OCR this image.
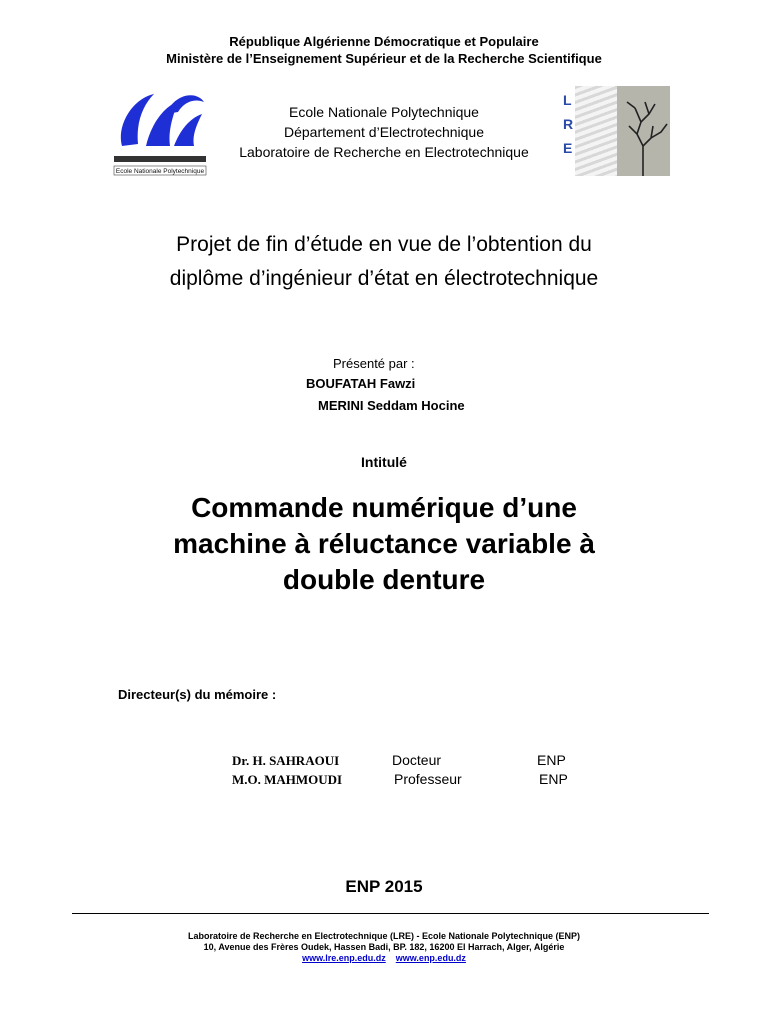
République Algérienne Démocratique et Populaire
Ministère de l’Enseignement Supérieur et de la Recherche Scientifique
Ecole Nationale Polytechnique
Ecole Nationale Polytechnique
Département d’Electrotechnique
Laboratoire de Recherche en Electrotechnique
L
R
E
Projet de fin d’étude en vue de l’obtention du
diplôme d’ingénieur d’état en électrotechnique
Présenté par :
BOUFATAH Fawzi
MERINI Seddam Hocine
Intitulé
Commande numérique d’une
machine à réluctance variable à
double denture
Directeur(s) du mémoire :
Dr. H. SAHRAOUI	Docteur	ENP
M.O. MAHMOUDI	Professeur	ENP
ENP 2015
Laboratoire de Recherche en Electrotechnique (LRE) - Ecole Nationale Polytechnique (ENP)
10, Avenue des Frères Oudek, Hassen Badi, BP. 182, 16200 El Harrach, Alger, Algérie
www.lre.enp.edu.dz www.enp.edu.dz
